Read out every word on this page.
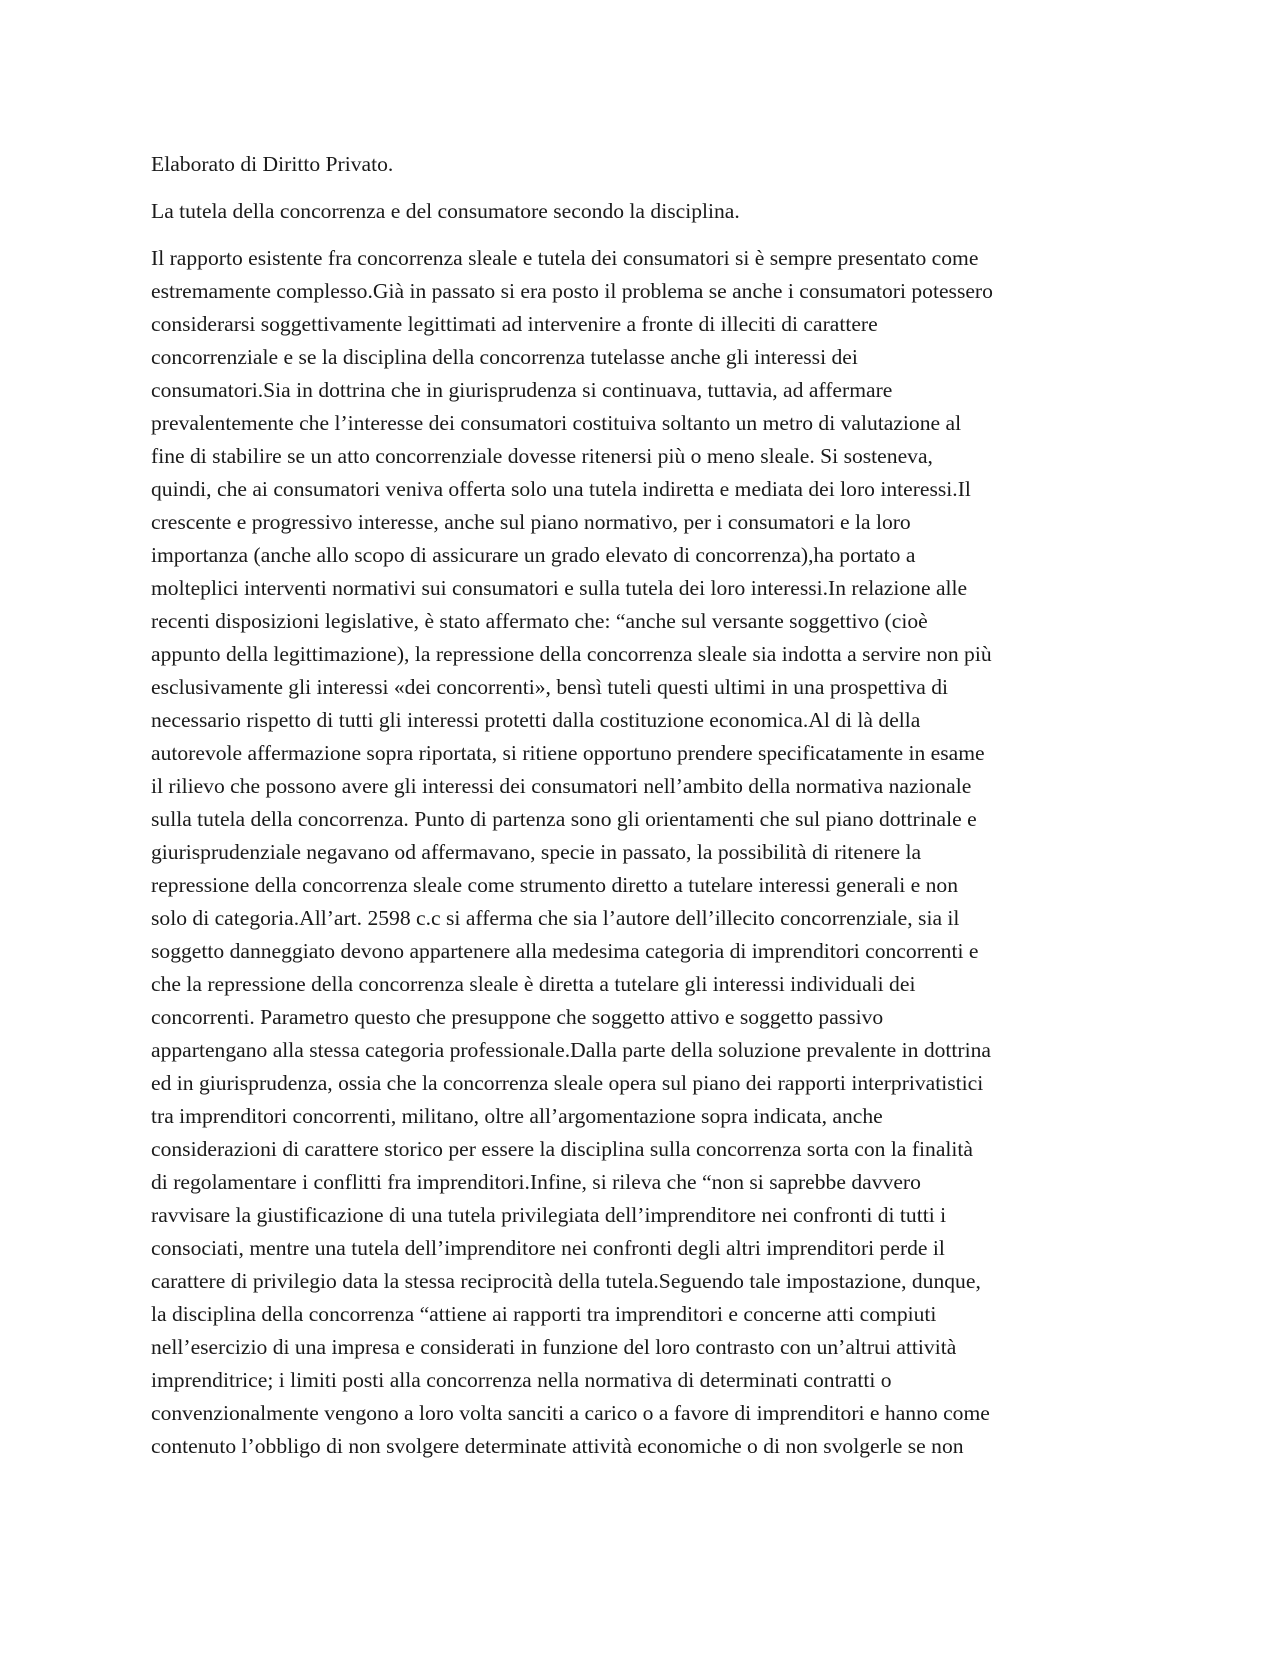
Elaborato di Diritto Privato.

La tutela della concorrenza e del consumatore secondo la disciplina.

Il rapporto esistente fra concorrenza sleale e tutela dei consumatori si è sempre presentato come

estremamente complesso.Già in passato si era posto il problema se anche i consumatori potessero

considerarsi soggettivamente legittimati ad intervenire a fronte di illeciti di carattere

concorrenziale e se la disciplina della concorrenza tutelasse anche gli interessi dei

consumatori.Sia in dottrina che in giurisprudenza si continuava, tuttavia, ad affermare

prevalentemente che l’interesse dei consumatori costituiva soltanto un metro di valutazione al

fine di stabilire se un atto concorrenziale dovesse ritenersi più o meno sleale. Si sosteneva,

quindi, che ai consumatori veniva offerta solo una tutela indiretta e mediata dei loro interessi.Il

crescente e progressivo interesse, anche sul piano normativo, per i consumatori e la loro

importanza (anche allo scopo di assicurare un grado elevato di concorrenza),ha portato a

molteplici interventi normativi sui consumatori e sulla tutela dei loro interessi.In relazione alle

recenti disposizioni legislative, è stato affermato che: “anche sul versante soggettivo (cioè

appunto della legittimazione), la repressione della concorrenza sleale sia indotta a servire non più

esclusivamente gli interessi «dei concorrenti», bensì tuteli questi ultimi in una prospettiva di

necessario rispetto di tutti gli interessi protetti dalla costituzione economica.Al di là della

autorevole affermazione sopra riportata, si ritiene opportuno prendere specificatamente in esame

il rilievo che possono avere gli interessi dei consumatori nell’ambito della normativa nazionale

sulla tutela della concorrenza. Punto di partenza sono gli orientamenti che sul piano dottrinale e

giurisprudenziale negavano od affermavano, specie in passato, la possibilità di ritenere la

repressione della concorrenza sleale come strumento diretto a tutelare interessi generali e non

solo di categoria.All’art. 2598 c.c si afferma che sia l’autore dell’illecito concorrenziale, sia il

soggetto danneggiato devono appartenere alla medesima categoria di imprenditori concorrenti e

che la repressione della concorrenza sleale è diretta a tutelare gli interessi individuali dei

concorrenti. Parametro questo che presuppone che soggetto attivo e soggetto passivo

appartengano alla stessa categoria professionale.Dalla parte della soluzione prevalente in dottrina

ed in giurisprudenza, ossia che la concorrenza sleale opera sul piano dei rapporti interprivatistici

tra imprenditori concorrenti, militano, oltre all’argomentazione sopra indicata, anche

considerazioni di carattere storico per essere la disciplina sulla concorrenza sorta con la finalità

di regolamentare i conflitti fra imprenditori.Infine, si rileva che “non si saprebbe davvero

ravvisare la giustificazione di una tutela privilegiata dell’imprenditore nei confronti di tutti i

consociati, mentre una tutela dell’imprenditore nei confronti degli altri imprenditori perde il

carattere di privilegio data la stessa reciprocità della tutela.Seguendo tale impostazione, dunque,

la disciplina della concorrenza “attiene ai rapporti tra imprenditori e concerne atti compiuti

nell’esercizio di una impresa e considerati in funzione del loro contrasto con un’altrui attività

imprenditrice; i limiti posti alla concorrenza nella normativa di determinati contratti o

convenzionalmente vengono a loro volta sanciti a carico o a favore di imprenditori e hanno come

contenuto l’obbligo di non svolgere determinate attività economiche o di non svolgerle se non
